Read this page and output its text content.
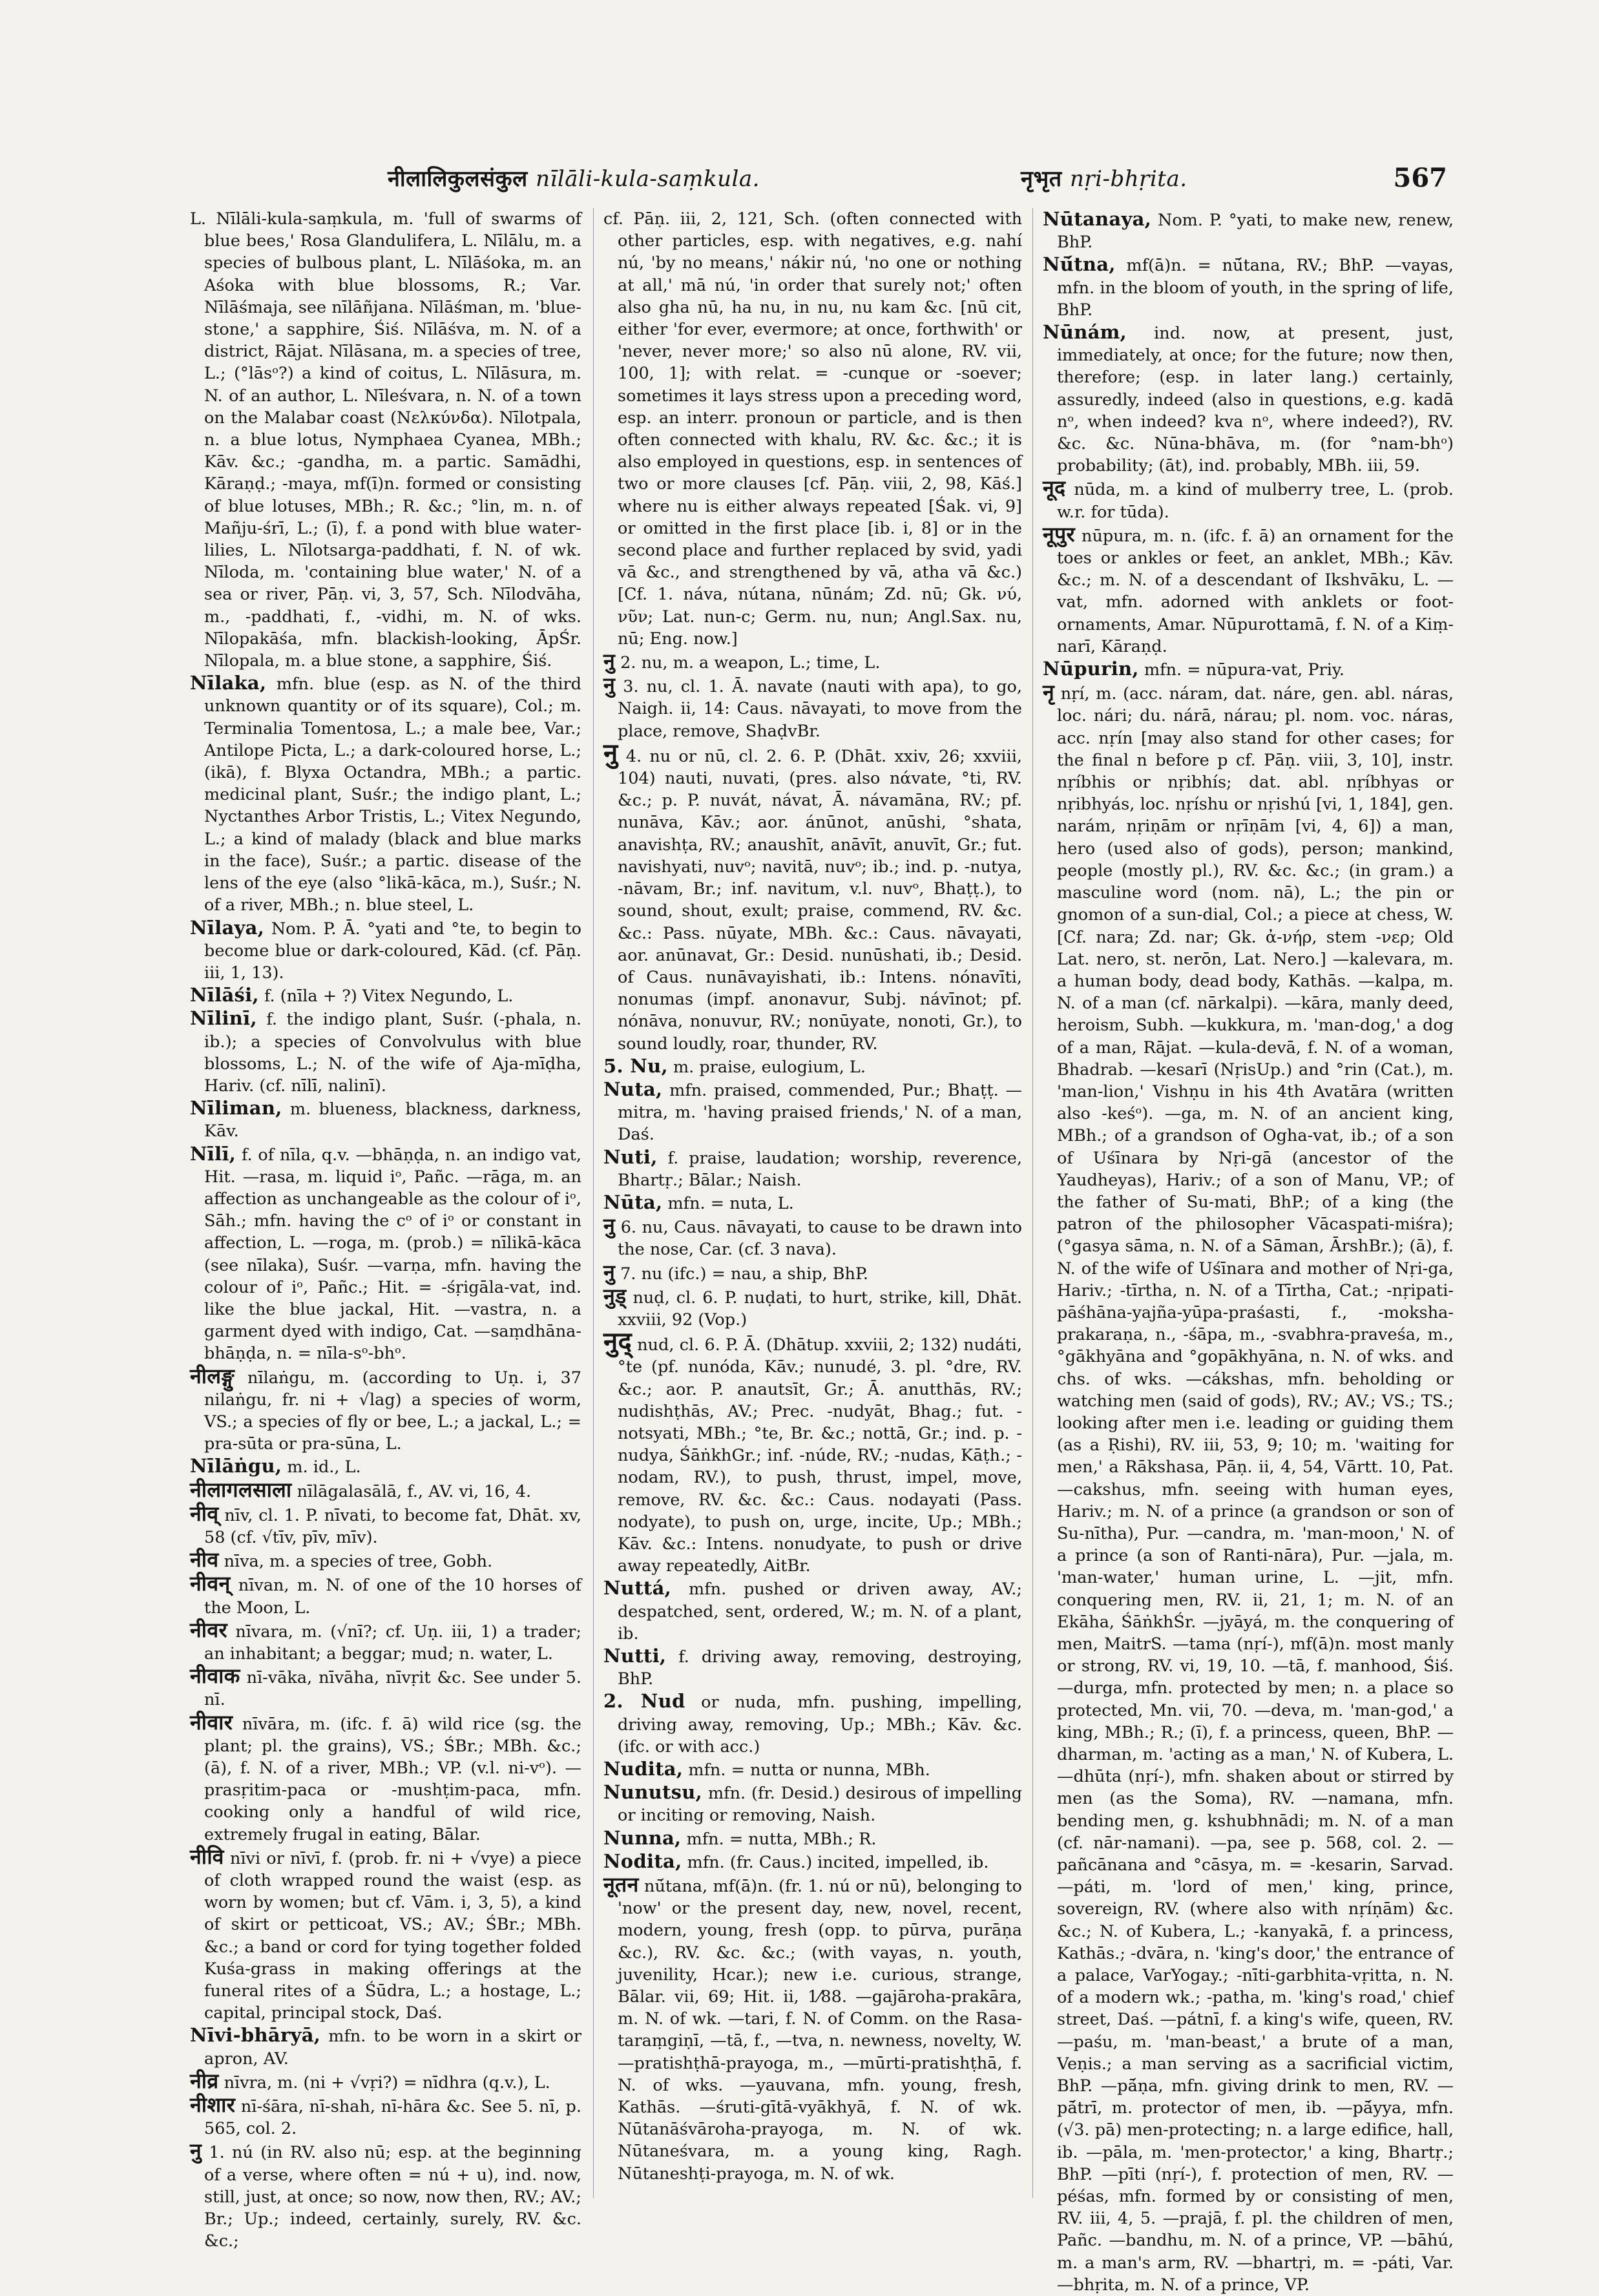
नीलालिकुलसंकुल nīlāli-kula-saṃkula.	नृभृत nṛi-bhṛita.	567

L. Nīlāli-kula-saṃkula, m. 'full of swarms of blue bees,' Rosa Glandulifera, L. Nīlālu, m. a species of bulbous plant, L. Nīlāśoka, m. an Aśoka with blue blossoms, R.; Var. Nīlāśmaja, see nīlāñjana. Nīlāśman, m. 'blue-stone,' a sapphire, Śiś. Nīlāśva, m. N. of a district, Rājat. Nīlāsana, m. a species of tree, L.; (°lāsᵒ?) a kind of coitus, L. Nīlāsura, m. N. of an author, L. Nīleśvara, n. N. of a town on the Malabar coast (Νελκύνδα). Nīlotpala, n. a blue lotus, Nymphaea Cyanea, MBh.; Kāv. &c.; -gandha, m. a partic. Samādhi, Kāraṇḍ.; -maya, mf(ī)n. formed or consisting of blue lotuses, MBh.; R. &c.; °lin, m. n. of Mañju-śrī, L.; (ī), f. a pond with blue water-lilies, L. Nīlotsarga-paddhati, f. N. of wk. Nīloda, m. 'containing blue water,' N. of a sea or river, Pāṇ. vi, 3, 57, Sch. Nīlodvāha, m., -paddhati, f., -vidhi, m. N. of wks. Nīlopakāśa, mfn. blackish-looking, ĀpŚr. Nīlopala, m. a blue stone, a sapphire, Śiś.

Nīlaka, mfn. blue (esp. as N. of the third unknown quantity or of its square), Col.; m. Terminalia Tomentosa, L.; a male bee, Var.; Antilope Picta, L.; a dark-coloured horse, L.; (ikā), f. Blyxa Octandra, MBh.; a partic. medicinal plant, Suśr.; the indigo plant, L.; Nyctanthes Arbor Tristis, L.; Vitex Negundo, L.; a kind of malady (black and blue marks in the face), Suśr.; a partic. disease of the lens of the eye (also °likā-kāca, m.), Suśr.; N. of a river, MBh.; n. blue steel, L.

Nīlaya, Nom. P. Ā. °yati and °te, to begin to become blue or dark-coloured, Kād. (cf. Pāṇ. iii, 1, 13).

Nīlāśi, f. (nīla + ?) Vitex Negundo, L.

Nīlinī, f. the indigo plant, Suśr. (-phala, n. ib.); a species of Convolvulus with blue blossoms, L.; N. of the wife of Aja-mīḍha, Hariv. (cf. nīlī, nalinī).

Nīliman, m. blueness, blackness, darkness, Kāv.

Nīlī, f. of nīla, q.v. —bhāṇḍa, n. an indigo vat, Hit. —rasa, m. liquid iᵒ, Pañc. —rāga, m. an affection as unchangeable as the colour of iᵒ, Sāh.; mfn. having the cᵒ of iᵒ or constant in affection, L. —roga, m. (prob.) = nīlikā-kāca (see nīlaka), Suśr. —varṇa, mfn. having the colour of iᵒ, Pañc.; Hit. = -śṛigāla-vat, ind. like the blue jackal, Hit. —vastra, n. a garment dyed with indigo, Cat. —saṃdhāna-bhāṇḍa, n. = nīla-sᵒ-bhᵒ.

नीलङ्गु nīlaṅgu, m. (according to Uṇ. i, 37 nilaṅgu, fr. ni + √lag) a species of worm, VS.; a species of fly or bee, L.; a jackal, L.; = pra-sūta or pra-sūna, L.

Nīlāṅgu, m. id., L.

नीलागलसाला nīlāgalasālā, f., AV. vi, 16, 4.

नीव् nīv, cl. 1. P. nīvati, to become fat, Dhāt. xv, 58 (cf. √tīv, pīv, mīv).

नीव nīva, m. a species of tree, Gobh.

नीवन् nīvan, m. N. of one of the 10 horses of the Moon, L.

नीवर nīvara, m. (√nī?; cf. Uṇ. iii, 1) a trader; an inhabitant; a beggar; mud; n. water, L.

नीवाक nī-vāka, nīvāha, nīvṛit &c. See under 5. nī.

नीवार nīvāra, m. (ifc. f. ā) wild rice (sg. the plant; pl. the grains), VS.; ŚBr.; MBh. &c.; (ā), f. N. of a river, MBh.; VP. (v.l. ni-vᵒ). —prasṛitim-paca or -mushṭim-paca, mfn. cooking only a handful of wild rice, extremely frugal in eating, Bālar.

नीवि nīvi or nīvī, f. (prob. fr. ni + √vye) a piece of cloth wrapped round the waist (esp. as worn by women; but cf. Vām. i, 3, 5), a kind of skirt or petticoat, VS.; AV.; ŚBr.; MBh. &c.; a band or cord for tying together folded Kuśa-grass in making offerings at the funeral rites of a Śūdra, L.; a hostage, L.; capital, principal stock, Daś.

Nīvi-bhāryā, mfn. to be worn in a skirt or apron, AV.

नीव्र nīvra, m. (ni + √vṛi?) = nīdhra (q.v.), L.

नीशार nī-śāra, nī-shah, nī-hāra &c. See 5. nī, p. 565, col. 2.

नु 1. nú (in RV. also nū; esp. at the beginning of a verse, where often = nú + u), ind. now, still, just, at once; so now, now then, RV.; AV.; Br.; Up.; indeed, certainly, surely, RV. &c. &c.;

cf. Pāṇ. iii, 2, 121, Sch. (often connected with other particles, esp. with negatives, e.g. nahí nú, 'by no means,' nákir nú, 'no one or nothing at all,' mā nú, 'in order that surely not;' often also gha nū, ha nu, in nu, nu kam &c. [nū cit, either 'for ever, evermore; at once, forthwith' or 'never, never more;' so also nū alone, RV. vii, 100, 1]; with relat. = -cunque or -soever; sometimes it lays stress upon a preceding word, esp. an interr. pronoun or particle, and is then often connected with khalu, RV. &c. &c.; it is also employed in questions, esp. in sentences of two or more clauses [cf. Pāṇ. viii, 2, 98, Kāś.] where nu is either always repeated [Śak. vi, 9] or omitted in the first place [ib. i, 8] or in the second place and further replaced by svid, yadi vā &c., and strengthened by vā, atha vā &c.) [Cf. 1. náva, nútana, nūnám; Zd. nū; Gk. νύ, νῦν; Lat. nun-c; Germ. nu, nun; Angl.Sax. nu, nū; Eng. now.]

नु 2. nu, m. a weapon, L.; time, L.

नु 3. nu, cl. 1. Ā. navate (nauti with apa), to go, Naigh. ii, 14: Caus. nāvayati, to move from the place, remove, ShaḍvBr.

नु 4. nu or nū, cl. 2. 6. P. (Dhāt. xxiv, 26; xxviii, 104) nauti, nuvati, (pres. also nάvate, °ti, RV. &c.; p. P. nuvát, návat, Ā. návamāna, RV.; pf. nunāva, Kāv.; aor. ánūnot, anūshi, °shata, anavishṭa, RV.; anaushīt, anāvīt, anuvīt, Gr.; fut. navishyati, nuvᵒ; navitā, nuvᵒ; ib.; ind. p. -nutya, -nāvam, Br.; inf. navitum, v.l. nuvᵒ, Bhaṭṭ.), to sound, shout, exult; praise, commend, RV. &c. &c.: Pass. nūyate, MBh. &c.: Caus. nāvayati, aor. anūnavat, Gr.: Desid. nunūshati, ib.; Desid. of Caus. nunāvayishati, ib.: Intens. nónavīti, nonumas (impf. anonavur, Subj. návīnot; pf. nónāva, nonuvur, RV.; nonūyate, nonoti, Gr.), to sound loudly, roar, thunder, RV.

5. Nu, m. praise, eulogium, L.

Nuta, mfn. praised, commended, Pur.; Bhaṭṭ. —mitra, m. 'having praised friends,' N. of a man, Daś.

Nuti, f. praise, laudation; worship, reverence, Bhartṛ.; Bālar.; Naish.

Nūta, mfn. = nuta, L.

नु 6. nu, Caus. nāvayati, to cause to be drawn into the nose, Car. (cf. 3 nava).

नु 7. nu (ifc.) = nau, a ship, BhP.

नुड् nuḍ, cl. 6. P. nuḍati, to hurt, strike, kill, Dhāt. xxviii, 92 (Vop.)

नुद् nud, cl. 6. P. Ā. (Dhātup. xxviii, 2; 132) nudáti, °te (pf. nunóda, Kāv.; nunudé, 3. pl. °dre, RV. &c.; aor. P. anautsīt, Gr.; Ā. anutthās, RV.; nudishṭhās, AV.; Prec. -nudyāt, Bhag.; fut. -notsyati, MBh.; °te, Br. &c.; nottā, Gr.; ind. p. -nudya, ŚāṅkhGr.; inf. -núde, RV.; -nudas, Kāṭh.; -nodam, RV.), to push, thrust, impel, move, remove, RV. &c. &c.: Caus. nodayati (Pass. nodyate), to push on, urge, incite, Up.; MBh.; Kāv. &c.: Intens. nonudyate, to push or drive away repeatedly, AitBr.

Nuttá, mfn. pushed or driven away, AV.; despatched, sent, ordered, W.; m. N. of a plant, ib.

Nutti, f. driving away, removing, destroying, BhP.

2. Nud or nuda, mfn. pushing, impelling, driving away, removing, Up.; MBh.; Kāv. &c. (ifc. or with acc.)

Nudita, mfn. = nutta or nunna, MBh.

Nunutsu, mfn. (fr. Desid.) desirous of impelling or inciting or removing, Naish.

Nunna, mfn. = nutta, MBh.; R.

Nodita, mfn. (fr. Caus.) incited, impelled, ib.

नूतन nū́tana, mf(ā)n. (fr. 1. nú or nū), belonging to 'now' or the present day, new, novel, recent, modern, young, fresh (opp. to pūrva, purāṇa &c.), RV. &c. &c.; (with vayas, n. youth, juvenility, Hcar.); new i.e. curious, strange, Bālar. vii, 69; Hit. ii, 1⁄88. —gajāroha-prakāra, m. N. of wk. —tari, f. N. of Comm. on the Rasa-taraṃgiṇī, —tā, f., —tva, n. newness, novelty, W. —pratishṭhā-prayoga, m., —mūrti-pratishṭhā, f. N. of wks. —yauvana, mfn. young, fresh, Kathās. —śruti-gītā-vyākhyā, f. N. of wk. Nūtanāśvāroha-prayoga, m. N. of wk. Nūtaneśvara, m. a young king, Ragh. Nūtaneshṭi-prayoga, m. N. of wk.

Nūtanaya, Nom. P. °yati, to make new, renew, BhP.

Nū́tna, mf(ā)n. = nū́tana, RV.; BhP. —vayas, mfn. in the bloom of youth, in the spring of life, BhP.

Nūnám, ind. now, at present, just, immediately, at once; for the future; now then, therefore; (esp. in later lang.) certainly, assuredly, indeed (also in questions, e.g. kadā nᵒ, when indeed? kva nᵒ, where indeed?), RV. &c. &c. Nūna-bhāva, m. (for °nam-bhᵒ) probability; (āt), ind. probably, MBh. iii, 59.

नूद nūda, m. a kind of mulberry tree, L. (prob. w.r. for tūda).

नूपुर nūpura, m. n. (ifc. f. ā) an ornament for the toes or ankles or feet, an anklet, MBh.; Kāv. &c.; m. N. of a descendant of Ikshvāku, L. —vat, mfn. adorned with anklets or foot-ornaments, Amar. Nūpurottamā, f. N. of a Kiṃ-narī, Kāraṇḍ.

Nūpurin, mfn. = nūpura-vat, Priy.

नृ nṛí, m. (acc. náram, dat. náre, gen. abl. náras, loc. nári; du. nárā, nárau; pl. nom. voc. náras, acc. nṛín [may also stand for other cases; for the final n before p cf. Pāṇ. viii, 3, 10], instr. nṛíbhis or nṛibhís; dat. abl. nṛíbhyas or nṛibhyás, loc. nṛíshu or nṛishú [vi, 1, 184], gen. narám, nṛiṇām or nṛīṇām [vi, 4, 6]) a man, hero (used also of gods), person; mankind, people (mostly pl.), RV. &c. &c.; (in gram.) a masculine word (nom. nā), L.; the pin or gnomon of a sun-dial, Col.; a piece at chess, W. [Cf. nara; Zd. nar; Gk. ἀ-νήρ, stem -νερ; Old Lat. nero, st. nerōn, Lat. Nero.] —kalevara, m. a human body, dead body, Kathās. —kalpa, m. N. of a man (cf. nārkalpi). —kāra, manly deed, heroism, Subh. —kukkura, m. 'man-dog,' a dog of a man, Rājat. —kula-devā, f. N. of a woman, Bhadrab. —kesarī (NṛisUp.) and °rin (Cat.), m. 'man-lion,' Vishṇu in his 4th Avatāra (written also -keśᵒ). —ga, m. N. of an ancient king, MBh.; of a grandson of Ogha-vat, ib.; of a son of Uśīnara by Nṛi-gā (ancestor of the Yaudheyas), Hariv.; of a son of Manu, VP.; of the father of Su-mati, BhP.; of a king (the patron of the philosopher Vācaspati-miśra); (°gasya sāma, n. N. of a Sāman, ĀrshBr.); (ā), f. N. of the wife of Uśīnara and mother of Nṛi-ga, Hariv.; -tīrtha, n. N. of a Tīrtha, Cat.; -nṛipati-pāśhāna-yajña-yūpa-praśasti, f., -moksha-prakaraṇa, n., -śāpa, m., -svabhra-praveśa, m., °gākhyāna and °gopākhyāna, n. N. of wks. and chs. of wks. —cákshas, mfn. beholding or watching men (said of gods), RV.; AV.; VS.; TS.; looking after men i.e. leading or guiding them (as a Ṛishi), RV. iii, 53, 9; 10; m. 'waiting for men,' a Rākshasa, Pāṇ. ii, 4, 54, Vārtt. 10, Pat. —cakshus, mfn. seeing with human eyes, Hariv.; m. N. of a prince (a grandson or son of Su-nītha), Pur. —candra, m. 'man-moon,' N. of a prince (a son of Ranti-nāra), Pur. —jala, m. 'man-water,' human urine, L. —jit, mfn. conquering men, RV. ii, 21, 1; m. N. of an Ekāha, ŚāṅkhŚr. —jyāyá, m. the conquering of men, MaitrS. —tama (nṛí-), mf(ā)n. most manly or strong, RV. vi, 19, 10. —tā, f. manhood, Śiś. —durga, mfn. protected by men; n. a place so protected, Mn. vii, 70. —deva, m. 'man-god,' a king, MBh.; R.; (ī), f. a princess, queen, BhP. —dharman, m. 'acting as a man,' N. of Kubera, L. —dhūta (nṛí-), mfn. shaken about or stirred by men (as the Soma), RV. —namana, mfn. bending men, g. kshubhnādi; m. N. of a man (cf. nār-namani). —pa, see p. 568, col. 2. —pañcānana and °cāsya, m. = -kesarin, Sarvad. —páti, m. 'lord of men,' king, prince, sovereign, RV. (where also with nṛíṇām) &c. &c.; N. of Kubera, L.; -kanyakā, f. a princess, Kathās.; -dvāra, n. 'king's door,' the entrance of a palace, VarYogay.; -nīti-garbhita-vṛitta, n. N. of a modern wk.; -patha, m. 'king's road,' chief street, Daś. —pátnī, f. a king's wife, queen, RV. —paśu, m. 'man-beast,' a brute of a man, Veṇis.; a man serving as a sacrificial victim, BhP. —pā́ṇa, mfn. giving drink to men, RV. —pā́trī, m. protector of men, ib. —pā́yya, mfn. (√3. pā) men-protecting; n. a large edifice, hall, ib. —pāla, m. 'men-protector,' a king, Bhartṛ.; BhP. —pīti (nṛí-), f. protection of men, RV. —péśas, mfn. formed by or consisting of men, RV. iii, 4, 5. —prajā, f. pl. the children of men, Pañc. —bandhu, m. N. of a prince, VP. —bāhú, m. a man's arm, RV. —bhartṛi, m. = -páti, Var. —bhṛita, m. N. of a prince, VP.
